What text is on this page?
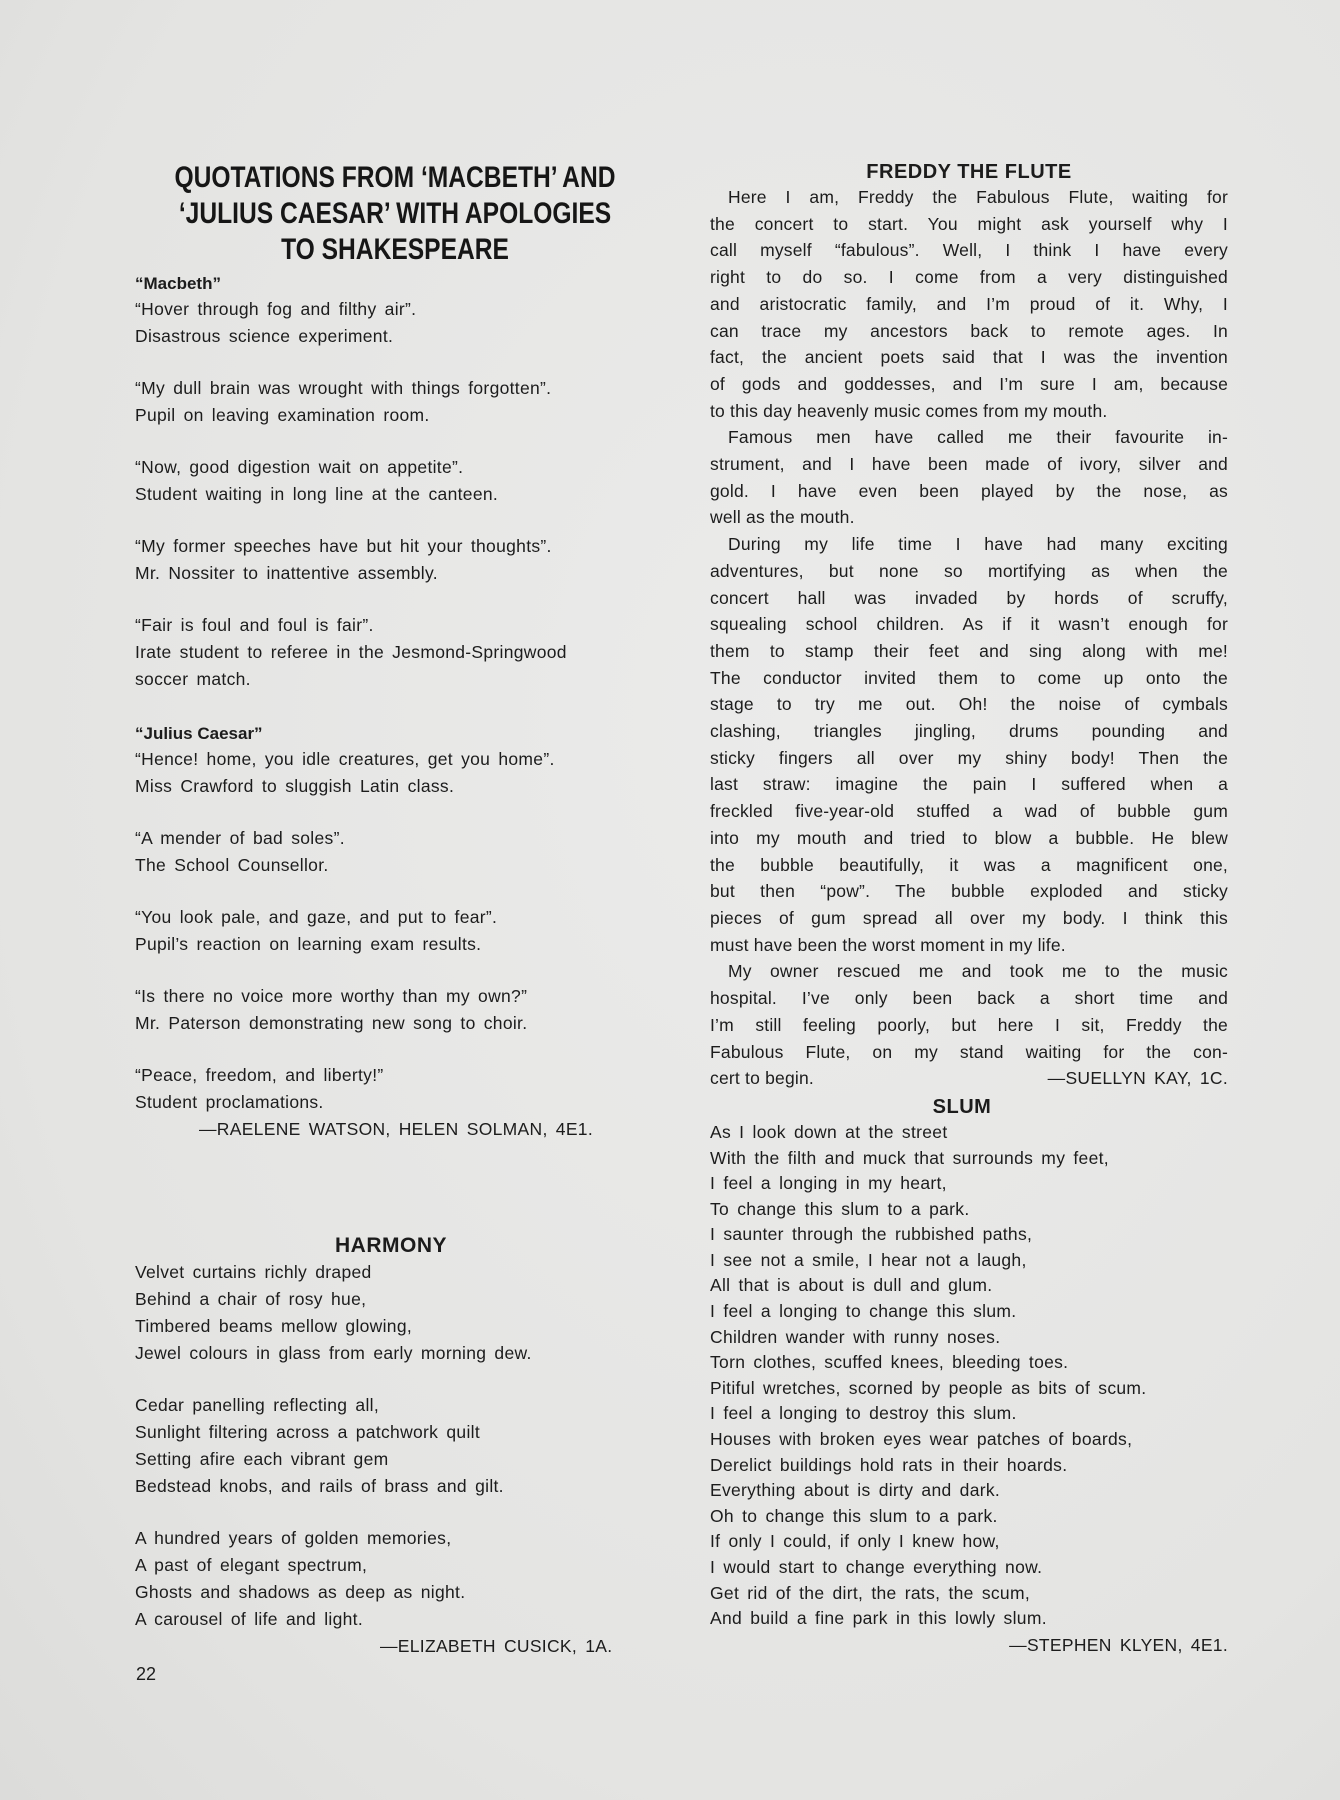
QUOTATIONS FROM ‘MACBETH’ AND
‘JULIUS CAESAR’ WITH APOLOGIES
TO SHAKESPEARE
“Macbeth”
“Hover through fog and filthy air”.
Disastrous science experiment.
“My dull brain was wrought with things forgotten”.
Pupil on leaving examination room.
“Now, good digestion wait on appetite”.
Student waiting in long line at the canteen.
“My former speeches have but hit your thoughts”.
Mr. Nossiter to inattentive assembly.
“Fair is foul and foul is fair”.
Irate student to referee in the Jesmond-Springwood
soccer match.
“Julius Caesar”
“Hence! home, you idle creatures, get you home”.
Miss Crawford to sluggish Latin class.
“A mender of bad soles”.
The School Counsellor.
“You look pale, and gaze, and put to fear”.
Pupil’s reaction on learning exam results.
“Is there no voice more worthy than my own?”
Mr. Paterson demonstrating new song to choir.
“Peace, freedom, and liberty!”
Student proclamations.
—RAELENE WATSON, HELEN SOLMAN, 4E1.
HARMONY
Velvet curtains richly draped
Behind a chair of rosy hue,
Timbered beams mellow glowing,
Jewel colours in glass from early morning dew.
Cedar panelling reflecting all,
Sunlight filtering across a patchwork quilt
Setting afire each vibrant gem
Bedstead knobs, and rails of brass and gilt.
A hundred years of golden memories,
A past of elegant spectrum,
Ghosts and shadows as deep as night.
A carousel of life and light.
—ELIZABETH CUSICK, 1A.
22
FREDDY THE FLUTE
Here I am, Freddy the Fabulous Flute, waiting for
the concert to start. You might ask yourself why I
call myself “fabulous”. Well, I think I have every
right to do so. I come from a very distinguished
and aristocratic family, and I’m proud of it. Why, I
can trace my ancestors back to remote ages. In
fact, the ancient poets said that I was the invention
of gods and goddesses, and I’m sure I am, because
to this day heavenly music comes from my mouth.
Famous men have called me their favourite in-
strument, and I have been made of ivory, silver and
gold. I have even been played by the nose, as
well as the mouth.
During my life time I have had many exciting
adventures, but none so mortifying as when the
concert hall was invaded by hords of scruffy,
squealing school children. As if it wasn’t enough for
them to stamp their feet and sing along with me!
The conductor invited them to come up onto the
stage to try me out. Oh! the noise of cymbals
clashing, triangles jingling, drums pounding and
sticky fingers all over my shiny body! Then the
last straw: imagine the pain I suffered when a
freckled five-year-old stuffed a wad of bubble gum
into my mouth and tried to blow a bubble. He blew
the bubble beautifully, it was a magnificent one,
but then “pow”. The bubble exploded and sticky
pieces of gum spread all over my body. I think this
must have been the worst moment in my life.
My owner rescued me and took me to the music
hospital. I’ve only been back a short time and
I’m still feeling poorly, but here I sit, Freddy the
Fabulous Flute, on my stand waiting for the con-
cert to begin.	—SUELLYN KAY, 1C.
SLUM
As I look down at the street
With the filth and muck that surrounds my feet,
I feel a longing in my heart,
To change this slum to a park.
I saunter through the rubbished paths,
I see not a smile, I hear not a laugh,
All that is about is dull and glum.
I feel a longing to change this slum.
Children wander with runny noses.
Torn clothes, scuffed knees, bleeding toes.
Pitiful wretches, scorned by people as bits of scum.
I feel a longing to destroy this slum.
Houses with broken eyes wear patches of boards,
Derelict buildings hold rats in their hoards.
Everything about is dirty and dark.
Oh to change this slum to a park.
If only I could, if only I knew how,
I would start to change everything now.
Get rid of the dirt, the rats, the scum,
And build a fine park in this lowly slum.
—STEPHEN KLYEN, 4E1.
